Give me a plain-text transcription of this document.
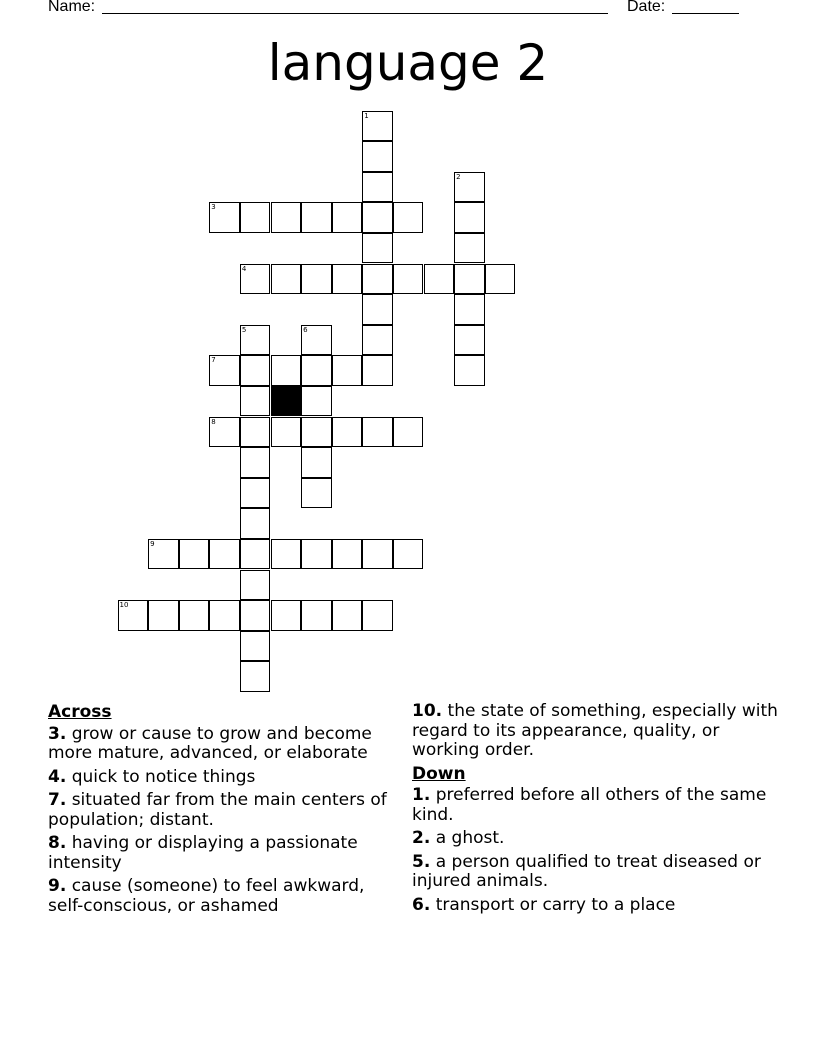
Name:	Date:
language 2
1
2
3
4
5	6
7
8
9
10
Across
3. grow or cause to grow and become more mature, advanced, or elaborate
4. quick to notice things
7. situated far from the main centers of population; distant.
8. having or displaying a passionate intensity
9. cause (someone) to feel awkward, self-conscious, or ashamed
10. the state of something, especially with regard to its appearance, quality, or working order.
Down
1. preferred before all others of the same kind.
2. a ghost.
5. a person qualified to treat diseased or injured animals.
6. transport or carry to a place
